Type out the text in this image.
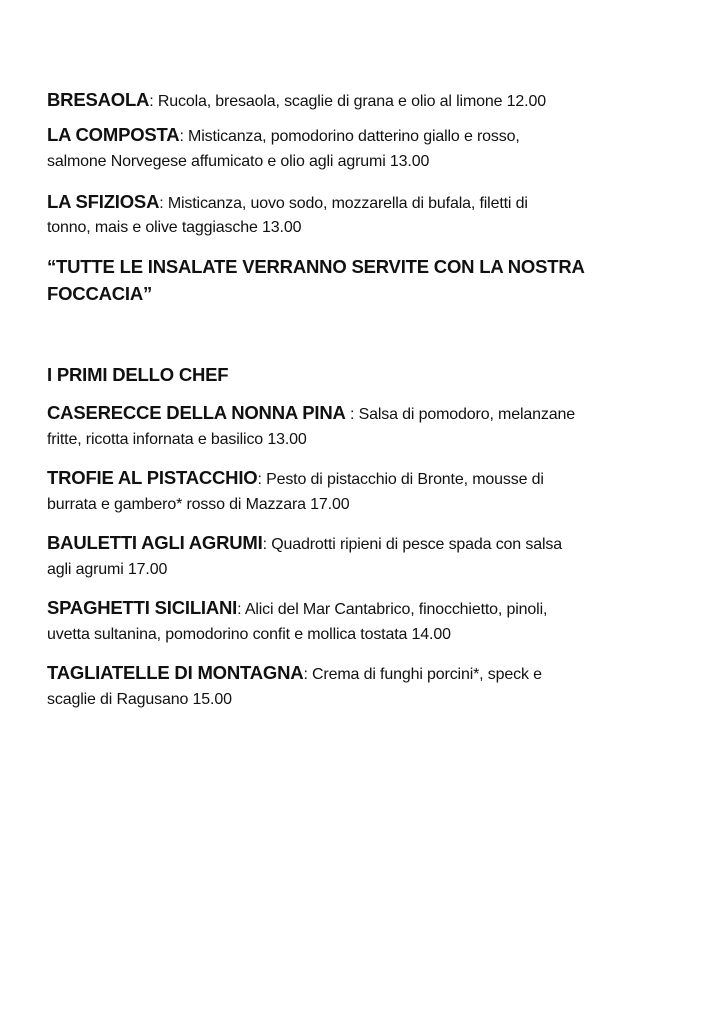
BRESAOLA: Rucola, bresaola, scaglie di grana e olio al limone 12.00
LA COMPOSTA: Misticanza, pomodorino datterino giallo e rosso,
salmone Norvegese affumicato e olio agli agrumi 13.00
LA SFIZIOSA: Misticanza, uovo sodo, mozzarella di bufala, filetti di
tonno, mais e olive taggiasche 13.00
“TUTTE LE INSALATE VERRANNO SERVITE CON LA NOSTRA
FOCCACIA”
I PRIMI DELLO CHEF
CASERECCE DELLA NONNA PINA : Salsa di pomodoro, melanzane
fritte, ricotta infornata e basilico 13.00
TROFIE AL PISTACCHIO: Pesto di pistacchio di Bronte, mousse di
burrata e gambero* rosso di Mazzara 17.00
BAULETTI AGLI AGRUMI: Quadrotti ripieni di pesce spada con salsa
agli agrumi 17.00
SPAGHETTI SICILIANI: Alici del Mar Cantabrico, finocchietto, pinoli,
uvetta sultanina, pomodorino confit e mollica tostata 14.00
TAGLIATELLE DI MONTAGNA: Crema di funghi porcini*, speck e
scaglie di Ragusano 15.00
